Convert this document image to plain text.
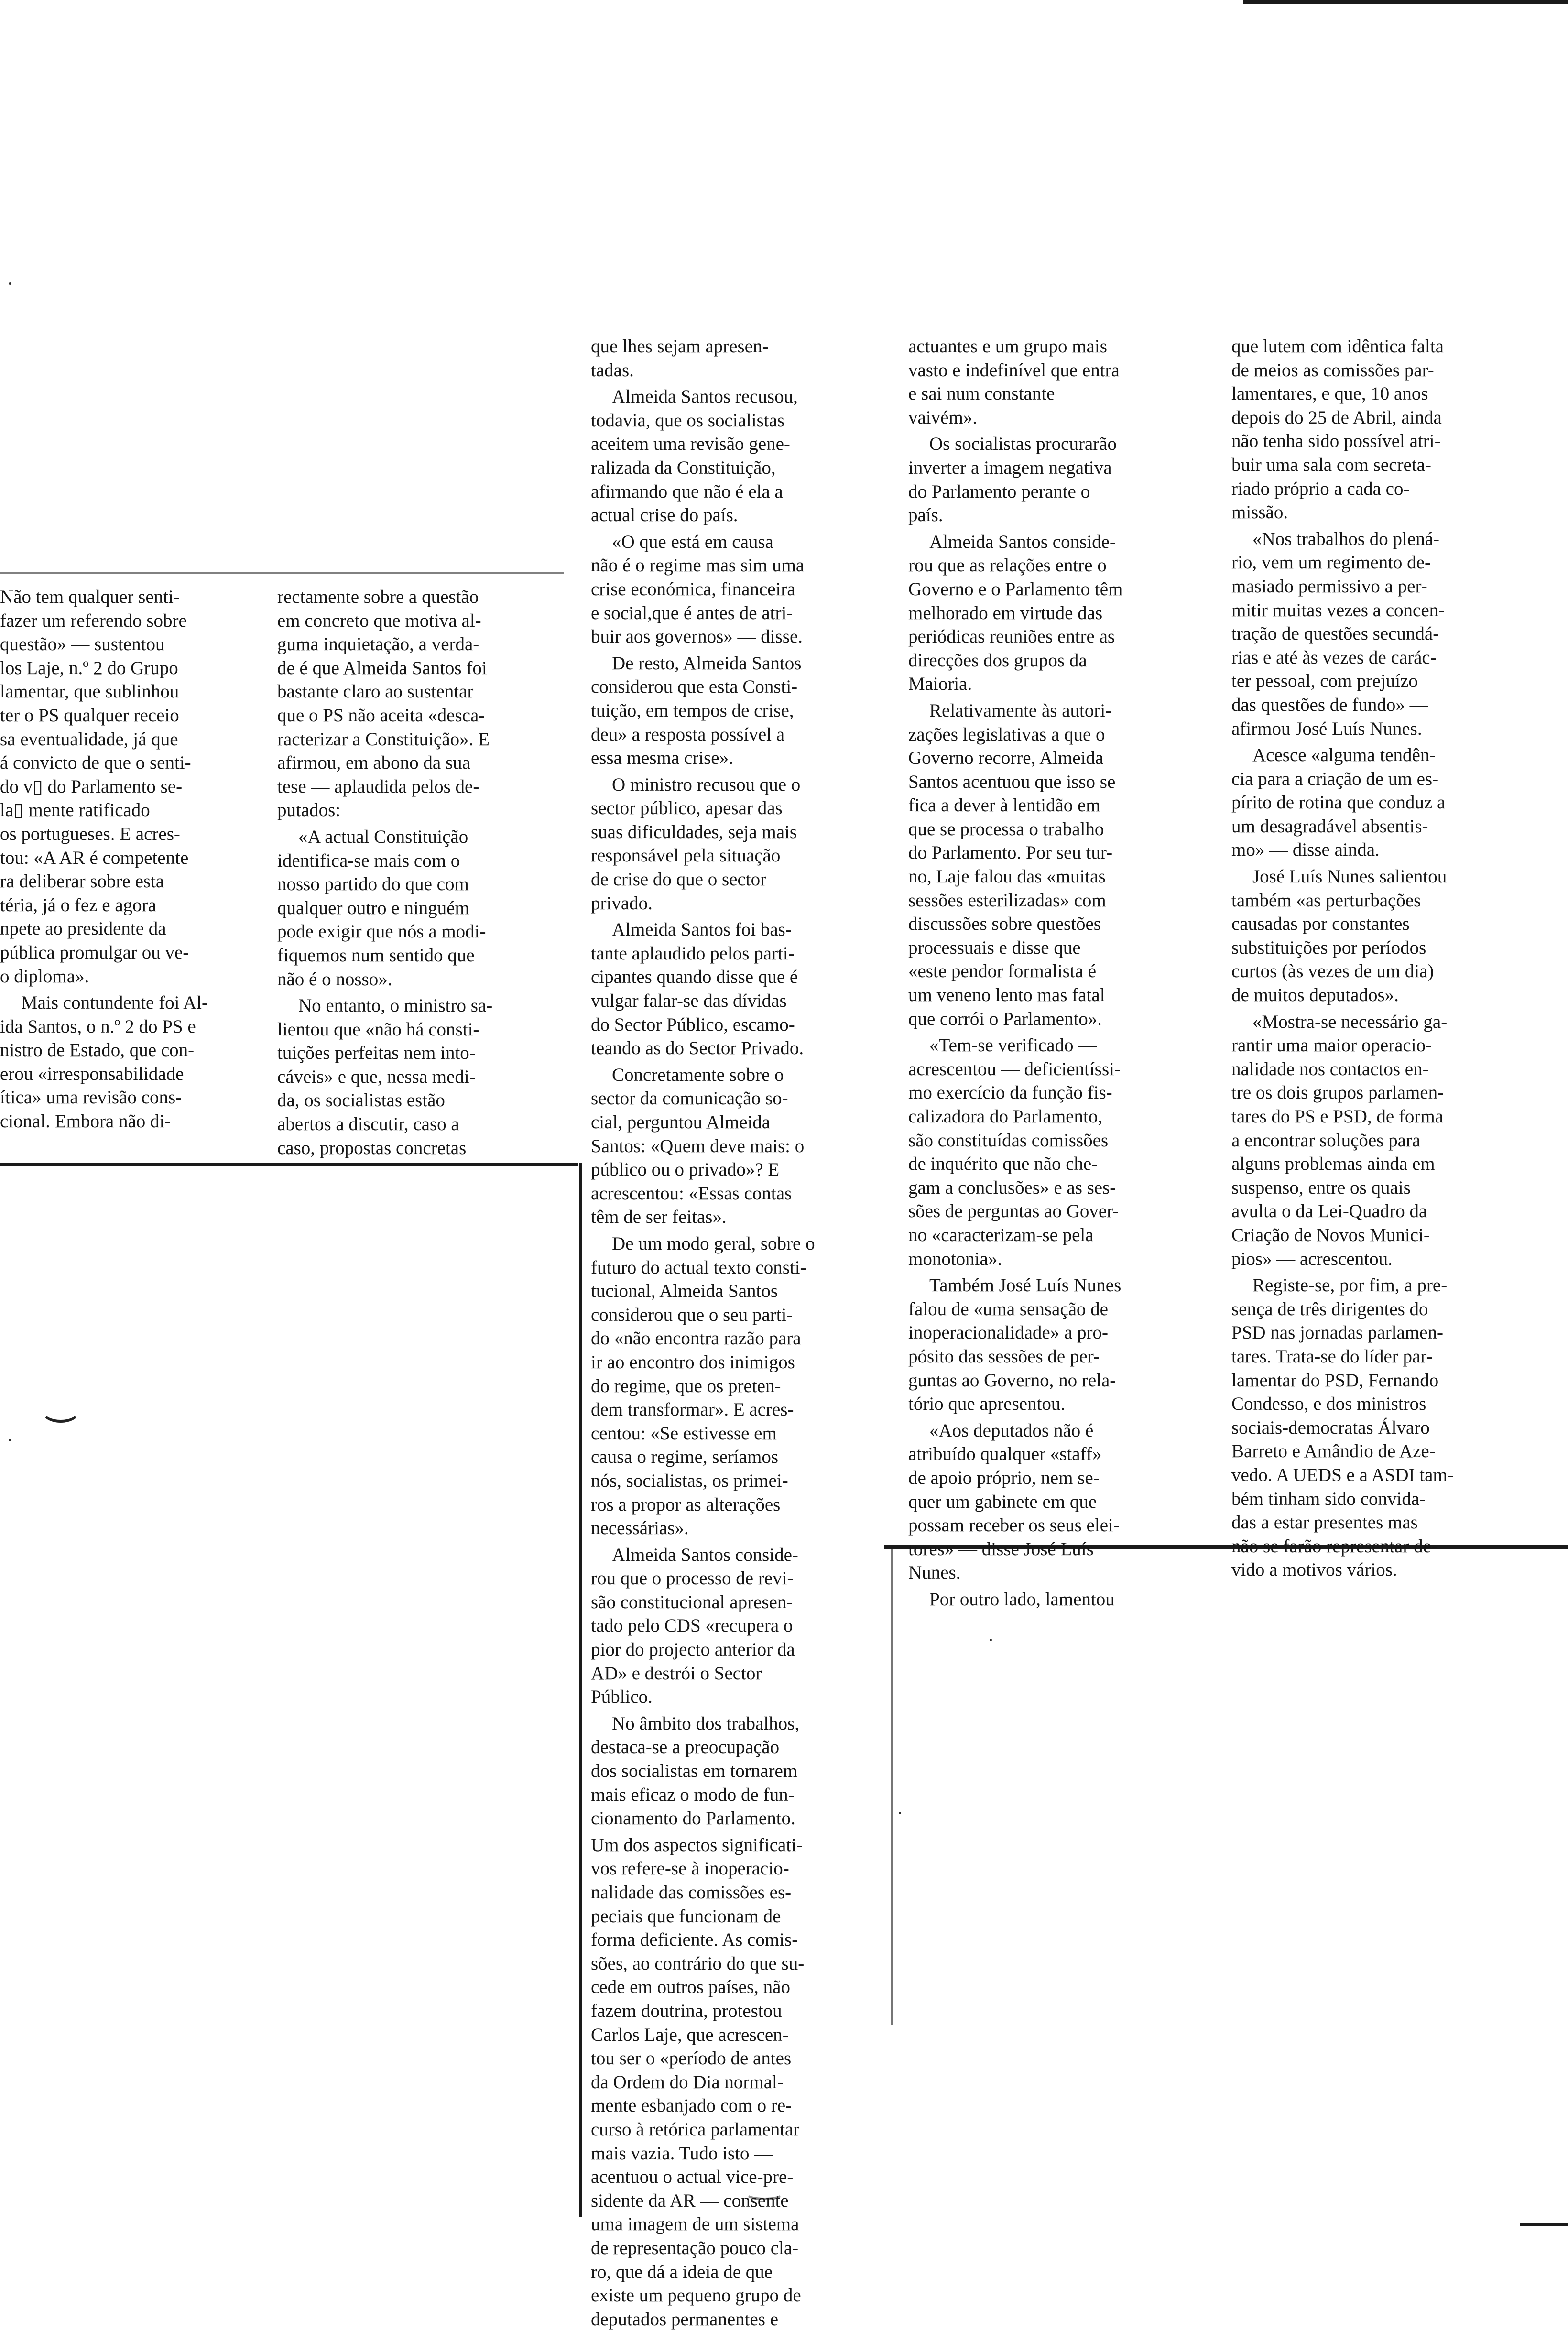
Não tem qualquer senti-
fazer um referendo sobre
questão» — sustentou
los Laje, n.º 2 do Grupo
lamentar, que sublinhou
ter o PS qualquer receio
sa eventualidade, já que
á convicto de que o senti-
do v▯ do Parlamento se-
la▯ mente ratificado
os portugueses. E acres-
tou: «A AR é competente
ra deliberar sobre esta
téria, já o fez e agora
npete ao presidente da
pública promulgar ou ve-
o diploma».

Mais contundente foi Al-
ida Santos, o n.º 2 do PS e
nistro de Estado, que con-
erou «irresponsabilidade
ítica» uma revisão cons-
cional. Embora não di-

rectamente sobre a questão
em concreto que motiva al-
guma inquietação, a verda-
de é que Almeida Santos foi
bastante claro ao sustentar
que o PS não aceita «desca-
racterizar a Constituição». E
afirmou, em abono da sua
tese — aplaudida pelos de-
putados:

«A actual Constituição
identifica-se mais com o
nosso partido do que com
qualquer outro e ninguém
pode exigir que nós a modi-
fiquemos num sentido que
não é o nosso».

No entanto, o ministro sa-
lientou que «não há consti-
tuições perfeitas nem into-
cáveis» e que, nessa medi-
da, os socialistas estão
abertos a discutir, caso a
caso, propostas concretas

que lhes sejam apresen-
tadas.

Almeida Santos recusou,
todavia, que os socialistas
aceitem uma revisão gene-
ralizada da Constituição,
afirmando que não é ela a
actual crise do país.

«O que está em causa
não é o regime mas sim uma
crise económica, financeira
e social,que é antes de atri-
buir aos governos» — disse.

De resto, Almeida Santos
considerou que esta Consti-
tuição, em tempos de crise,
deu» a resposta possível a
essa mesma crise».

O ministro recusou que o
sector público, apesar das
suas dificuldades, seja mais
responsável pela situação
de crise do que o sector
privado.

Almeida Santos foi bas-
tante aplaudido pelos parti-
cipantes quando disse que é
vulgar falar-se das dívidas
do Sector Público, escamo-
teando as do Sector Privado.

Concretamente sobre o
sector da comunicação so-
cial, perguntou Almeida
Santos: «Quem deve mais: o
público ou o privado»? E
acrescentou: «Essas contas
têm de ser feitas».

De um modo geral, sobre o
futuro do actual texto consti-
tucional, Almeida Santos
considerou que o seu parti-
do «não encontra razão para
ir ao encontro dos inimigos
do regime, que os preten-
dem transformar». E acres-
centou: «Se estivesse em
causa o regime, seríamos
nós, socialistas, os primei-
ros a propor as alterações
necessárias».

Almeida Santos conside-
rou que o processo de revi-
são constitucional apresen-
tado pelo CDS «recupera o
pior do projecto anterior da
AD» e destrói o Sector
Público.

No âmbito dos trabalhos,
destaca-se a preocupação
dos socialistas em tornarem
mais eficaz o modo de fun-
cionamento do Parlamento.

Um dos aspectos significati-
vos refere-se à inoperacio-
nalidade das comissões es-
peciais que funcionam de
forma deficiente. As comis-
sões, ao contrário do que su-
cede em outros países, não
fazem doutrina, protestou
Carlos Laje, que acrescen-
tou ser o «período de antes
da Ordem do Dia normal-
mente esbanjado com o re-
curso à retórica parlamentar
mais vazia. Tudo isto —
acentuou o actual vice-pre-
sidente da AR — consente
uma imagem de um sistema
de representação pouco cla-
ro, que dá a ideia de que
existe um pequeno grupo de
deputados permanentes e

actuantes e um grupo mais
vasto e indefinível que entra
e sai num constante
vaivém».

Os socialistas procurarão
inverter a imagem negativa
do Parlamento perante o
país.

Almeida Santos conside-
rou que as relações entre o
Governo e o Parlamento têm
melhorado em virtude das
periódicas reuniões entre as
direcções dos grupos da
Maioria.

Relativamente às autori-
zações legislativas a que o
Governo recorre, Almeida
Santos acentuou que isso se
fica a dever à lentidão em
que se processa o trabalho
do Parlamento. Por seu tur-
no, Laje falou das «muitas
sessões esterilizadas» com
discussões sobre questões
processuais e disse que
«este pendor formalista é
um veneno lento mas fatal
que corrói o Parlamento».

«Tem-se verificado —
acrescentou — deficientíssi-
mo exercício da função fis-
calizadora do Parlamento,
são constituídas comissões
de inquérito que não che-
gam a conclusões» e as ses-
sões de perguntas ao Gover-
no «caracterizam-se pela
monotonia».

Também José Luís Nunes
falou de «uma sensação de
inoperacionalidade» a pro-
pósito das sessões de per-
guntas ao Governo, no rela-
tório que apresentou.

«Aos deputados não é
atribuído qualquer «staff»
de apoio próprio, nem se-
quer um gabinete em que
possam receber os seus elei-
tores» — disse José Luís
Nunes.

Por outro lado, lamentou

que lutem com idêntica falta
de meios as comissões par-
lamentares, e que, 10 anos
depois do 25 de Abril, ainda
não tenha sido possível atri-
buir uma sala com secreta-
riado próprio a cada co-
missão.

«Nos trabalhos do plená-
rio, vem um regimento de-
masiado permissivo a per-
mitir muitas vezes a concen-
tração de questões secundá-
rias e até às vezes de carác-
ter pessoal, com prejuízo
das questões de fundo» —
afirmou José Luís Nunes.

Acesce «alguma tendên-
cia para a criação de um es-
pírito de rotina que conduz a
um desagradável absentis-
mo» — disse ainda.

José Luís Nunes salientou
também «as perturbações
causadas por constantes
substituições por períodos
curtos (às vezes de um dia)
de muitos deputados».

«Mostra-se necessário ga-
rantir uma maior operacio-
nalidade nos contactos en-
tre os dois grupos parlamen-
tares do PS e PSD, de forma
a encontrar soluções para
alguns problemas ainda em
suspenso, entre os quais
avulta o da Lei-Quadro da
Criação de Novos Munici-
pios» — acrescentou.

Registe-se, por fim, a pre-
sença de três dirigentes do
PSD nas jornadas parlamen-
tares. Trata-se do líder par-
lamentar do PSD, Fernando
Condesso, e dos ministros
sociais-democratas Álvaro
Barreto e Amândio de Aze-
vedo. A UEDS e a ASDI tam-
bém tinham sido convida-
das a estar presentes mas
não se farão representar de-
vido a motivos vários.
